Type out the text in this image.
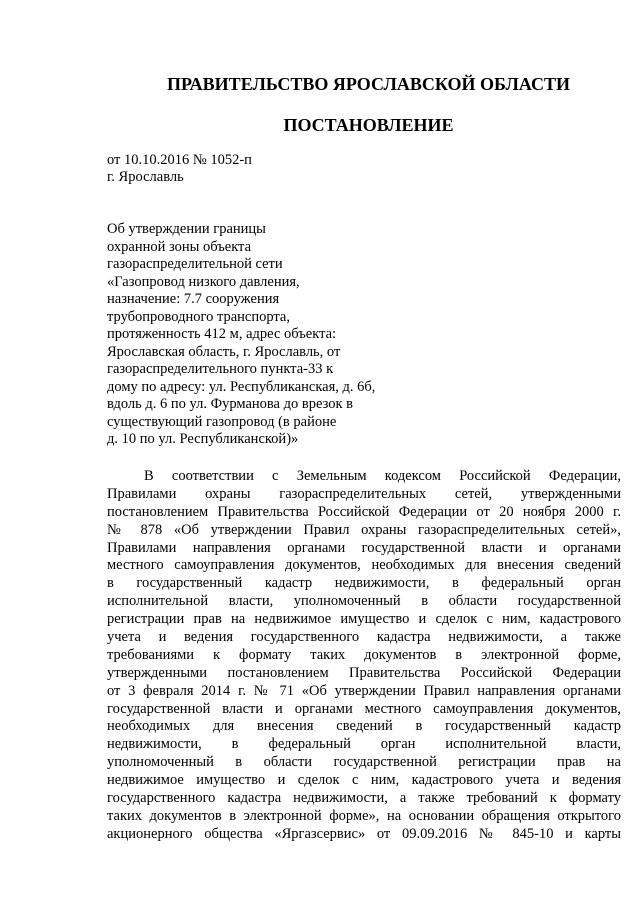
ПРАВИТЕЛЬСТВО ЯРОСЛАВСКОЙ ОБЛАСТИ
ПОСТАНОВЛЕНИЕ
от 10.10.2016 № 1052-п
г. Ярославль
Об утверждении границы
охранной зоны объекта
газораспределительной сети
«Газопровод низкого давления,
назначение: 7.7 сооружения
трубопроводного транспорта,
протяженность 412 м, адрес объекта:
Ярославская область, г. Ярославль, от
газораспределительного пункта-33 к
дому по адресу: ул. Республиканская, д. 6б,
вдоль д. 6 по ул. Фурманова до врезок в
существующий газопровод (в районе
д. 10 по ул. Республиканской)»
В соответствии с Земельным кодексом Российской Федерации,
Правилами охраны газораспределительных сетей, утвержденными
постановлением Правительства Российской Федерации от 20 ноября 2000 г.
№ 878 «Об утверждении Правил охраны газораспределительных сетей»,
Правилами направления органами государственной власти и органами
местного самоуправления документов, необходимых для внесения сведений
в государственный кадастр недвижимости, в федеральный орган
исполнительной власти, уполномоченный в области государственной
регистрации прав на недвижимое имущество и сделок с ним, кадастрового
учета и ведения государственного кадастра недвижимости, а также
требованиями к формату таких документов в электронной форме,
утвержденными постановлением Правительства Российской Федерации
от 3 февраля 2014 г. № 71 «Об утверждении Правил направления органами
государственной власти и органами местного самоуправления документов,
необходимых для внесения сведений в государственный кадастр
недвижимости, в федеральный орган исполнительной власти,
уполномоченный в области государственной регистрации прав на
недвижимое имущество и сделок с ним, кадастрового учета и ведения
государственного кадастра недвижимости, а также требований к формату
таких документов в электронной форме», на основании обращения открытого
акционерного общества «Яргазсервис» от 09.09.2016 № 845-10 и карты
